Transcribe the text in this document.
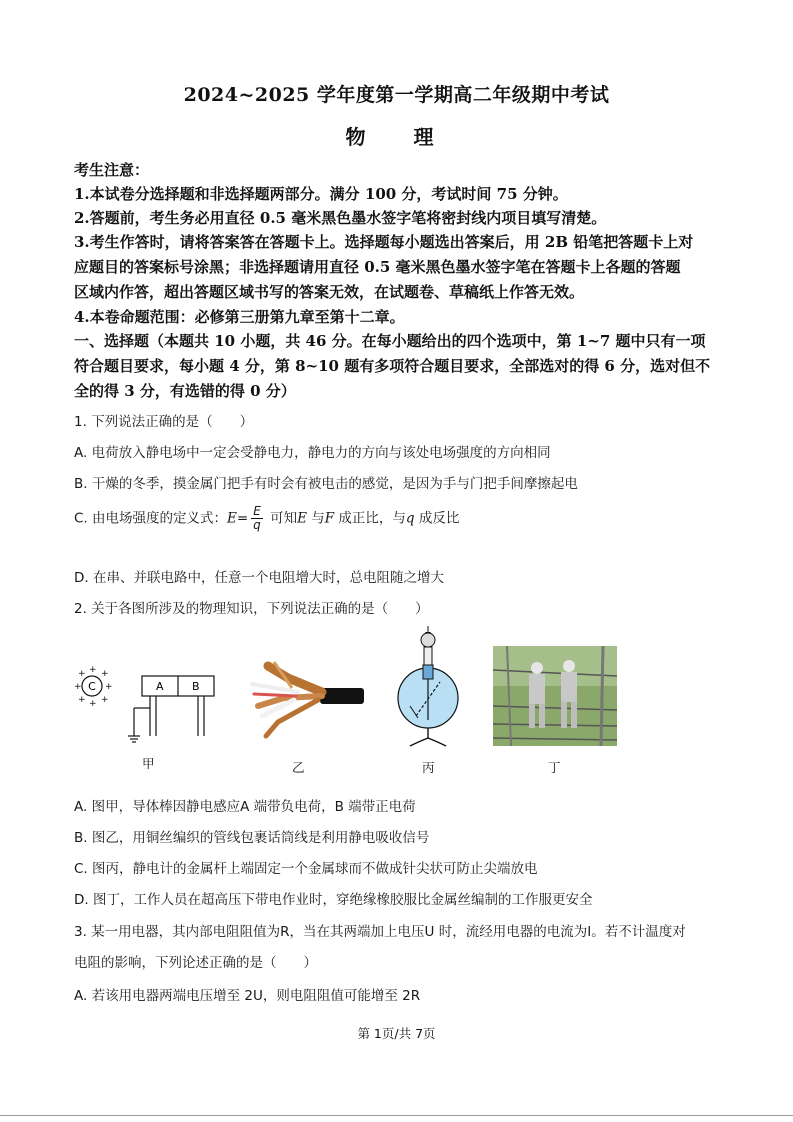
2024~2025 学年度第一学期高二年级期中考试
物　理
考生注意：
1.本试卷分选择题和非选择题两部分。满分 100 分，考试时间 75 分钟。
2.答题前，考生务必用直径 0.5 毫米黑色墨水签字笔将密封线内项目填写清楚。
3.考生作答时，请将答案答在答题卡上。选择题每小题选出答案后，用 2B 铅笔把答题卡上对
应题目的答案标号涂黑；非选择题请用直径 0.5 毫米黑色墨水签字笔在答题卡上各题的答题
区域内作答，超出答题区域书写的答案无效，在试题卷、草稿纸上作答无效。
4.本卷命题范围：必修第三册第九章至第十二章。
一、选择题（本题共 10 小题，共 46 分。在每小题给出的四个选项中，第 1~7 题中只有一项
符合题目要求，每小题 4 分，第 8~10 题有多项符合题目要求，全部选对的得 6 分，选对但不
全的得 3 分，有选错的得 0 分）
1. 下列说法正确的是（　　）
A. 电荷放入静电场中一定会受静电力，静电力的方向与该处电场强度的方向相同
B. 干燥的冬季，摸金属门把手有时会有被电击的感觉，是因为手与门把手间摩擦起电
C. 由电场强度的定义式：$E= \frac{E}{q}$ 可知E 与F 成正比，与q 成反比
D. 在串、并联电路中，任意一个电阻增大时，总电阻随之增大
2. 关于各图所涉及的物理知识，下列说法正确的是（　　）
C
+	+
+
+
+ +
+ +
A	B
甲	乙	丙	丁
A. 图甲，导体棒因静电感应A 端带负电荷，B 端带正电荷
B. 图乙，用铜丝编织的管线包裹话筒线是利用静电吸收信号
C. 图丙，静电计的金属杆上端固定一个金属球而不做成针尖状可防止尖端放电
D. 图丁，工作人员在超高压下带电作业时，穿绝缘橡胶服比金属丝编制的工作服更安全
3. 某一用电器，其内部电阻阻值为R，当在其两端加上电压U 时，流经用电器的电流为I。若不计温度对
电阻的影响，下列论述正确的是（　　）
A. 若该用电器两端电压增至 2U，则电阻阻值可能增至 2R
第 1页/共 7页
